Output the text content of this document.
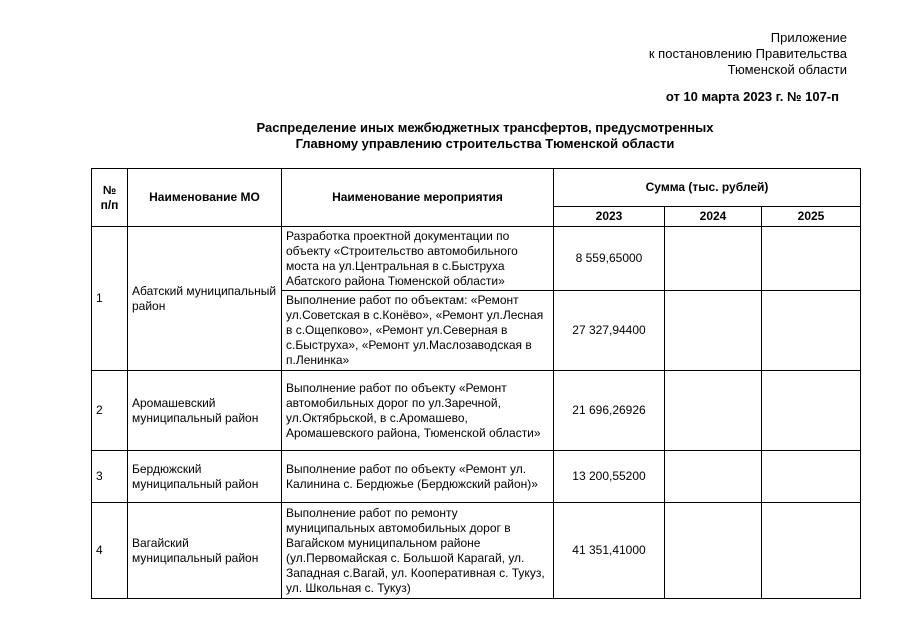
Приложение
к постановлению Правительства
Тюменской области
от 10 марта 2023 г. № 107-п
Распределение иных межбюджетных трансфертов, предусмотренных
Главному управлению строительства Тюменской области
№ п/п	Наименование МО	Наименование мероприятия	Сумма (тыс. рублей)		
			2023	2024	2025
1	Абатский муниципальный район	Разработка проектной документации по объекту «Строительство автомобильного моста на ул.Центральная в с.Быструха Абатского района Тюменской области»	8 559,65000		
		Выполнение работ по объектам: «Ремонт ул.Советская в с.Конёво», «Ремонт ул.Лесная в с.Ощепково», «Ремонт ул.Северная в с.Быструха», «Ремонт ул.Маслозаводская в п.Ленинка»	27 327,94400		
2	Аромашевский муниципальный район	Выполнение работ по объекту «Ремонт автомобильных дорог по ул.Заречной, ул.Октябрьской, в с.Аромашево, Аромашевского района, Тюменской области»	21 696,26926		
3	Бердюжский муниципальный район	Выполнение работ по объекту «Ремонт ул. Калинина с. Бердюжье (Бердюжский район)»	13 200,55200		
4	Вагайский муниципальный район	Выполнение работ по ремонту муниципальных автомобильных дорог в Вагайском муниципальном районе (ул.Первомайская с. Большой Карагай, ул. Западная с.Вагай, ул. Кооперативная с. Тукуз, ул. Школьная с. Тукуз)	41 351,41000		
